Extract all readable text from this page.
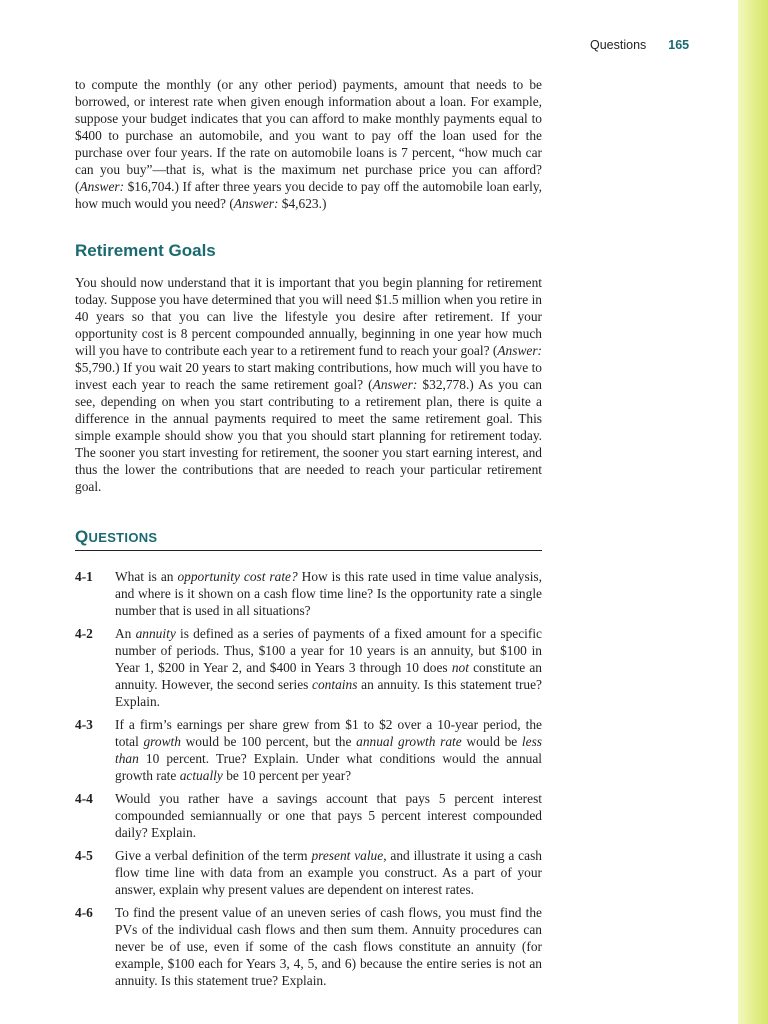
Questions 165

to compute the monthly (or any other period) payments, amount that needs to be borrowed, or interest rate when given enough information about a loan. For example, suppose your budget indicates that you can afford to make monthly payments equal to $400 to purchase an automobile, and you want to pay off the loan used for the purchase over four years. If the rate on automobile loans is 7 percent, “how much car can you buy”—that is, what is the maximum net purchase price you can afford? (Answer: $16,704.) If after three years you decide to pay off the automobile loan early, how much would you need? (Answer: $4,623.)

Retirement Goals

You should now understand that it is important that you begin planning for retirement today. Suppose you have determined that you will need $1.5 million when you retire in 40 years so that you can live the lifestyle you desire after retirement. If your opportunity cost is 8 percent compounded annually, beginning in one year how much will you have to contribute each year to a retirement fund to reach your goal? (Answer: $5,790.) If you wait 20 years to start making contributions, how much will you have to invest each year to reach the same retirement goal? (Answer: $32,778.) As you can see, depending on when you start contributing to a retirement plan, there is quite a difference in the annual payments required to meet the same retirement goal. This simple example should show you that you should start planning for retirement today. The sooner you start investing for retirement, the sooner you start earning interest, and thus the lower the contributions that are needed to reach your particular retirement goal.

QUESTIONS
4-1	What is an opportunity cost rate? How is this rate used in time value analysis, and where is it shown on a cash flow time line? Is the opportunity rate a single number that is used in all situations?
4-2	An annuity is defined as a series of payments of a fixed amount for a specific number of periods. Thus, $100 a year for 10 years is an annuity, but $100 in Year 1, $200 in Year 2, and $400 in Years 3 through 10 does not constitute an annuity. However, the second series contains an annuity. Is this statement true? Explain.
4-3	If a firm’s earnings per share grew from $1 to $2 over a 10-year period, the total growth would be 100 percent, but the annual growth rate would be less than 10 percent. True? Explain. Under what conditions would the annual growth rate actually be 10 percent per year?
4-4	Would you rather have a savings account that pays 5 percent interest compounded semiannually or one that pays 5 percent interest compounded daily? Explain.
4-5	Give a verbal definition of the term present value, and illustrate it using a cash flow time line with data from an example you construct. As a part of your answer, explain why present values are dependent on interest rates.
4-6	To find the present value of an uneven series of cash flows, you must find the PVs of the individual cash flows and then sum them. Annuity procedures can never be of use, even if some of the cash flows constitute an annuity (for example, $100 each for Years 3, 4, 5, and 6) because the entire series is not an annuity. Is this statement true? Explain.
